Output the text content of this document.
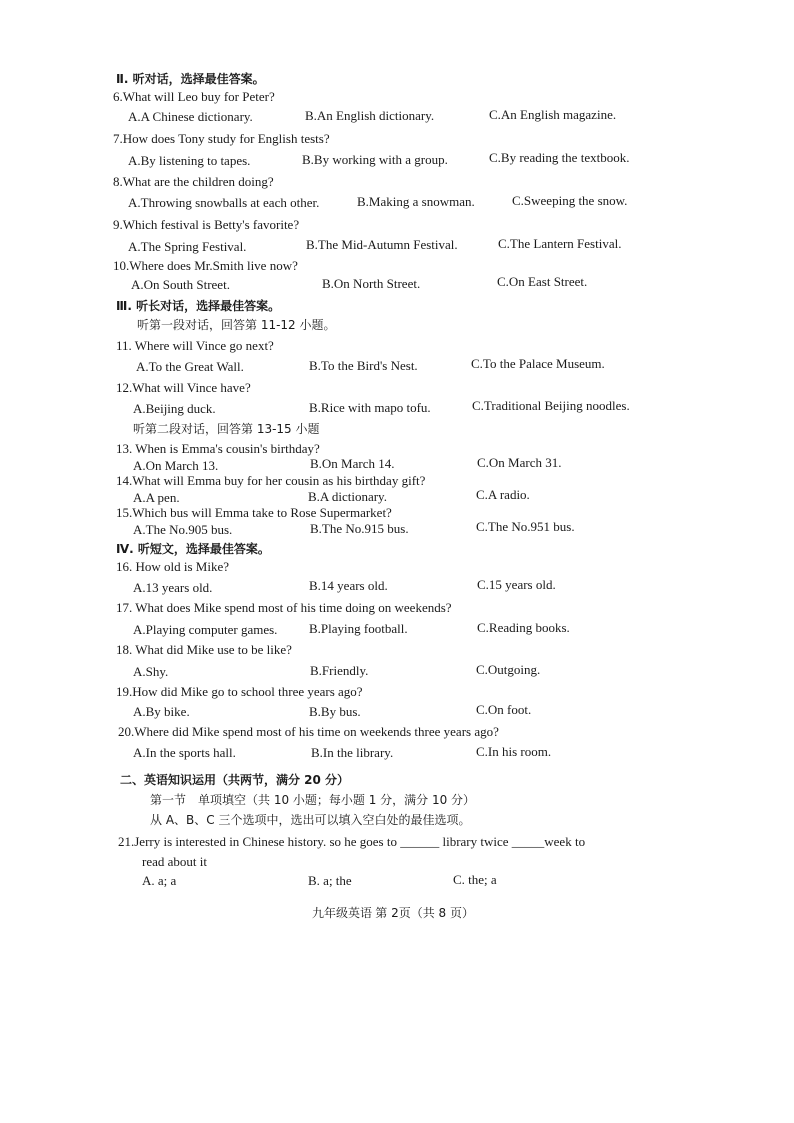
Ⅱ. 听对话，选择最佳答案。
6.What will Leo buy for Peter?
A.A Chinese dictionary.	B.An English dictionary.	C.An English magazine.
7.How does Tony study for English tests?
A.By listening to tapes.	B.By working with a group.	C.By reading the textbook.
8.What are the children doing?
A.Throwing snowballs at each other.	B.Making a snowman.	C.Sweeping the snow.
9.Which festival is Betty's favorite?
A.The Spring Festival.	B.The Mid-Autumn Festival.	C.The Lantern Festival.
10.Where does Mr.Smith live now?
A.On South Street.	B.On North Street.	C.On East Street.
Ⅲ. 听长对话，选择最佳答案。
听第一段对话，回答第 11-12 小题。
11. Where will Vince go next?
A.To the Great Wall.	B.To the Bird's Nest.	C.To the Palace Museum.
12.What will Vince have?
A.Beijing duck.	B.Rice with mapo tofu.	C.Traditional Beijing noodles.
听第二段对话，回答第 13-15 小题
13. When is Emma's cousin's birthday?
A.On March 13.	B.On March 14.	C.On March 31.
14.What will Emma buy for her cousin as his birthday gift?
A.A pen.	B.A dictionary.	C.A radio.
15.Which bus will Emma take to Rose Supermarket?
A.The No.905 bus.	B.The No.915 bus.	C.The No.951 bus.
Ⅳ. 听短文，选择最佳答案。
16. How old is Mike?
A.13 years old.	B.14 years old.	C.15 years old.
17. What does Mike spend most of his time doing on weekends?
A.Playing computer games. B.Playing football.	C.Reading books.
18. What did Mike use to be like?
A.Shy.	B.Friendly.	C.Outgoing.
19.How did Mike go to school three years ago?
A.By bike.	B.By bus.	C.On foot.
20.Where did Mike spend most of his time on weekends three years ago?
A.In the sports hall.	B.In the library.	C.In his room.
二、英语知识运用（共两节，满分 20 分）
第一节　单项填空（共 10 小题；每小题 1 分，满分 10 分）
从 A、B、C 三个选项中，选出可以填入空白处的最佳选项。
21.Jerry is interested in Chinese history. so he goes to ______ library twice _____week to
read about it
A. a; a	B. a; the	C. the; a
九年级英语 第 2页（共 8 页）
